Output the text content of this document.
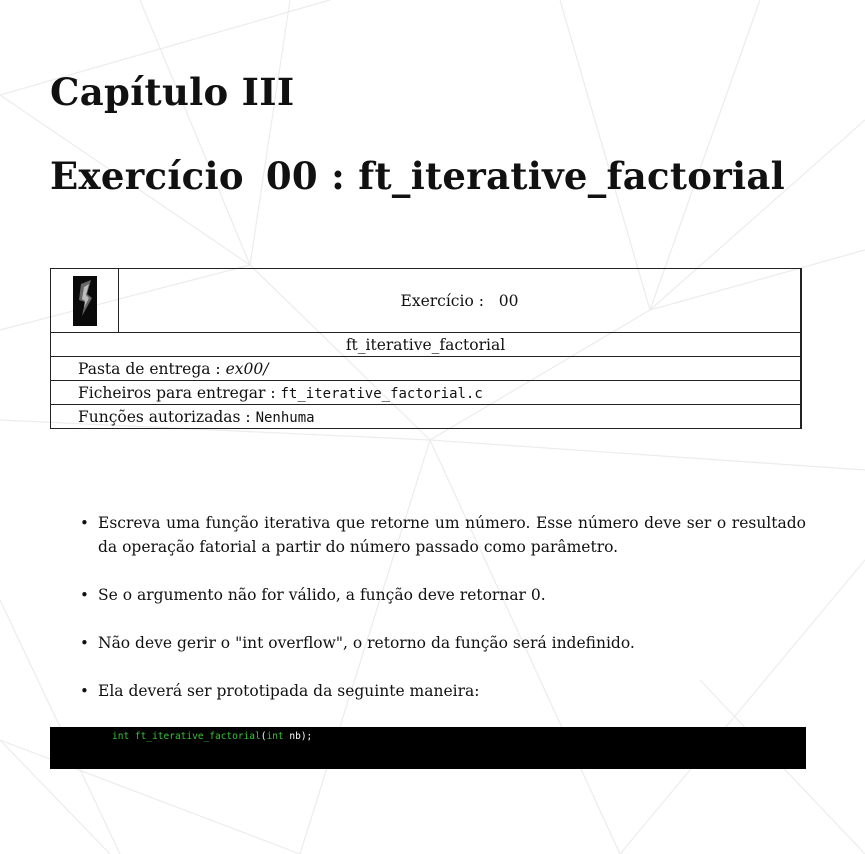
Capítulo III
Exercício 00 : ft_iterative_factorial
	Exercício : 00
ft_iterative_factorial
Pasta de entrega : ex00/
Ficheiros para entregar : ft_iterative_factorial.c
Funções autorizadas : Nenhuma
• Escreva uma função iterativa que retorne um número. Esse número deve ser o resultado da operação fatorial a partir do número passado como parâmetro.
• Se o argumento não for válido, a função deve retornar 0.
• Não deve gerir o "int overflow", o retorno da função será indefinido.
• Ela deverá ser prototipada da seguinte maneira:
int ft_iterative_factorial(int nb);
